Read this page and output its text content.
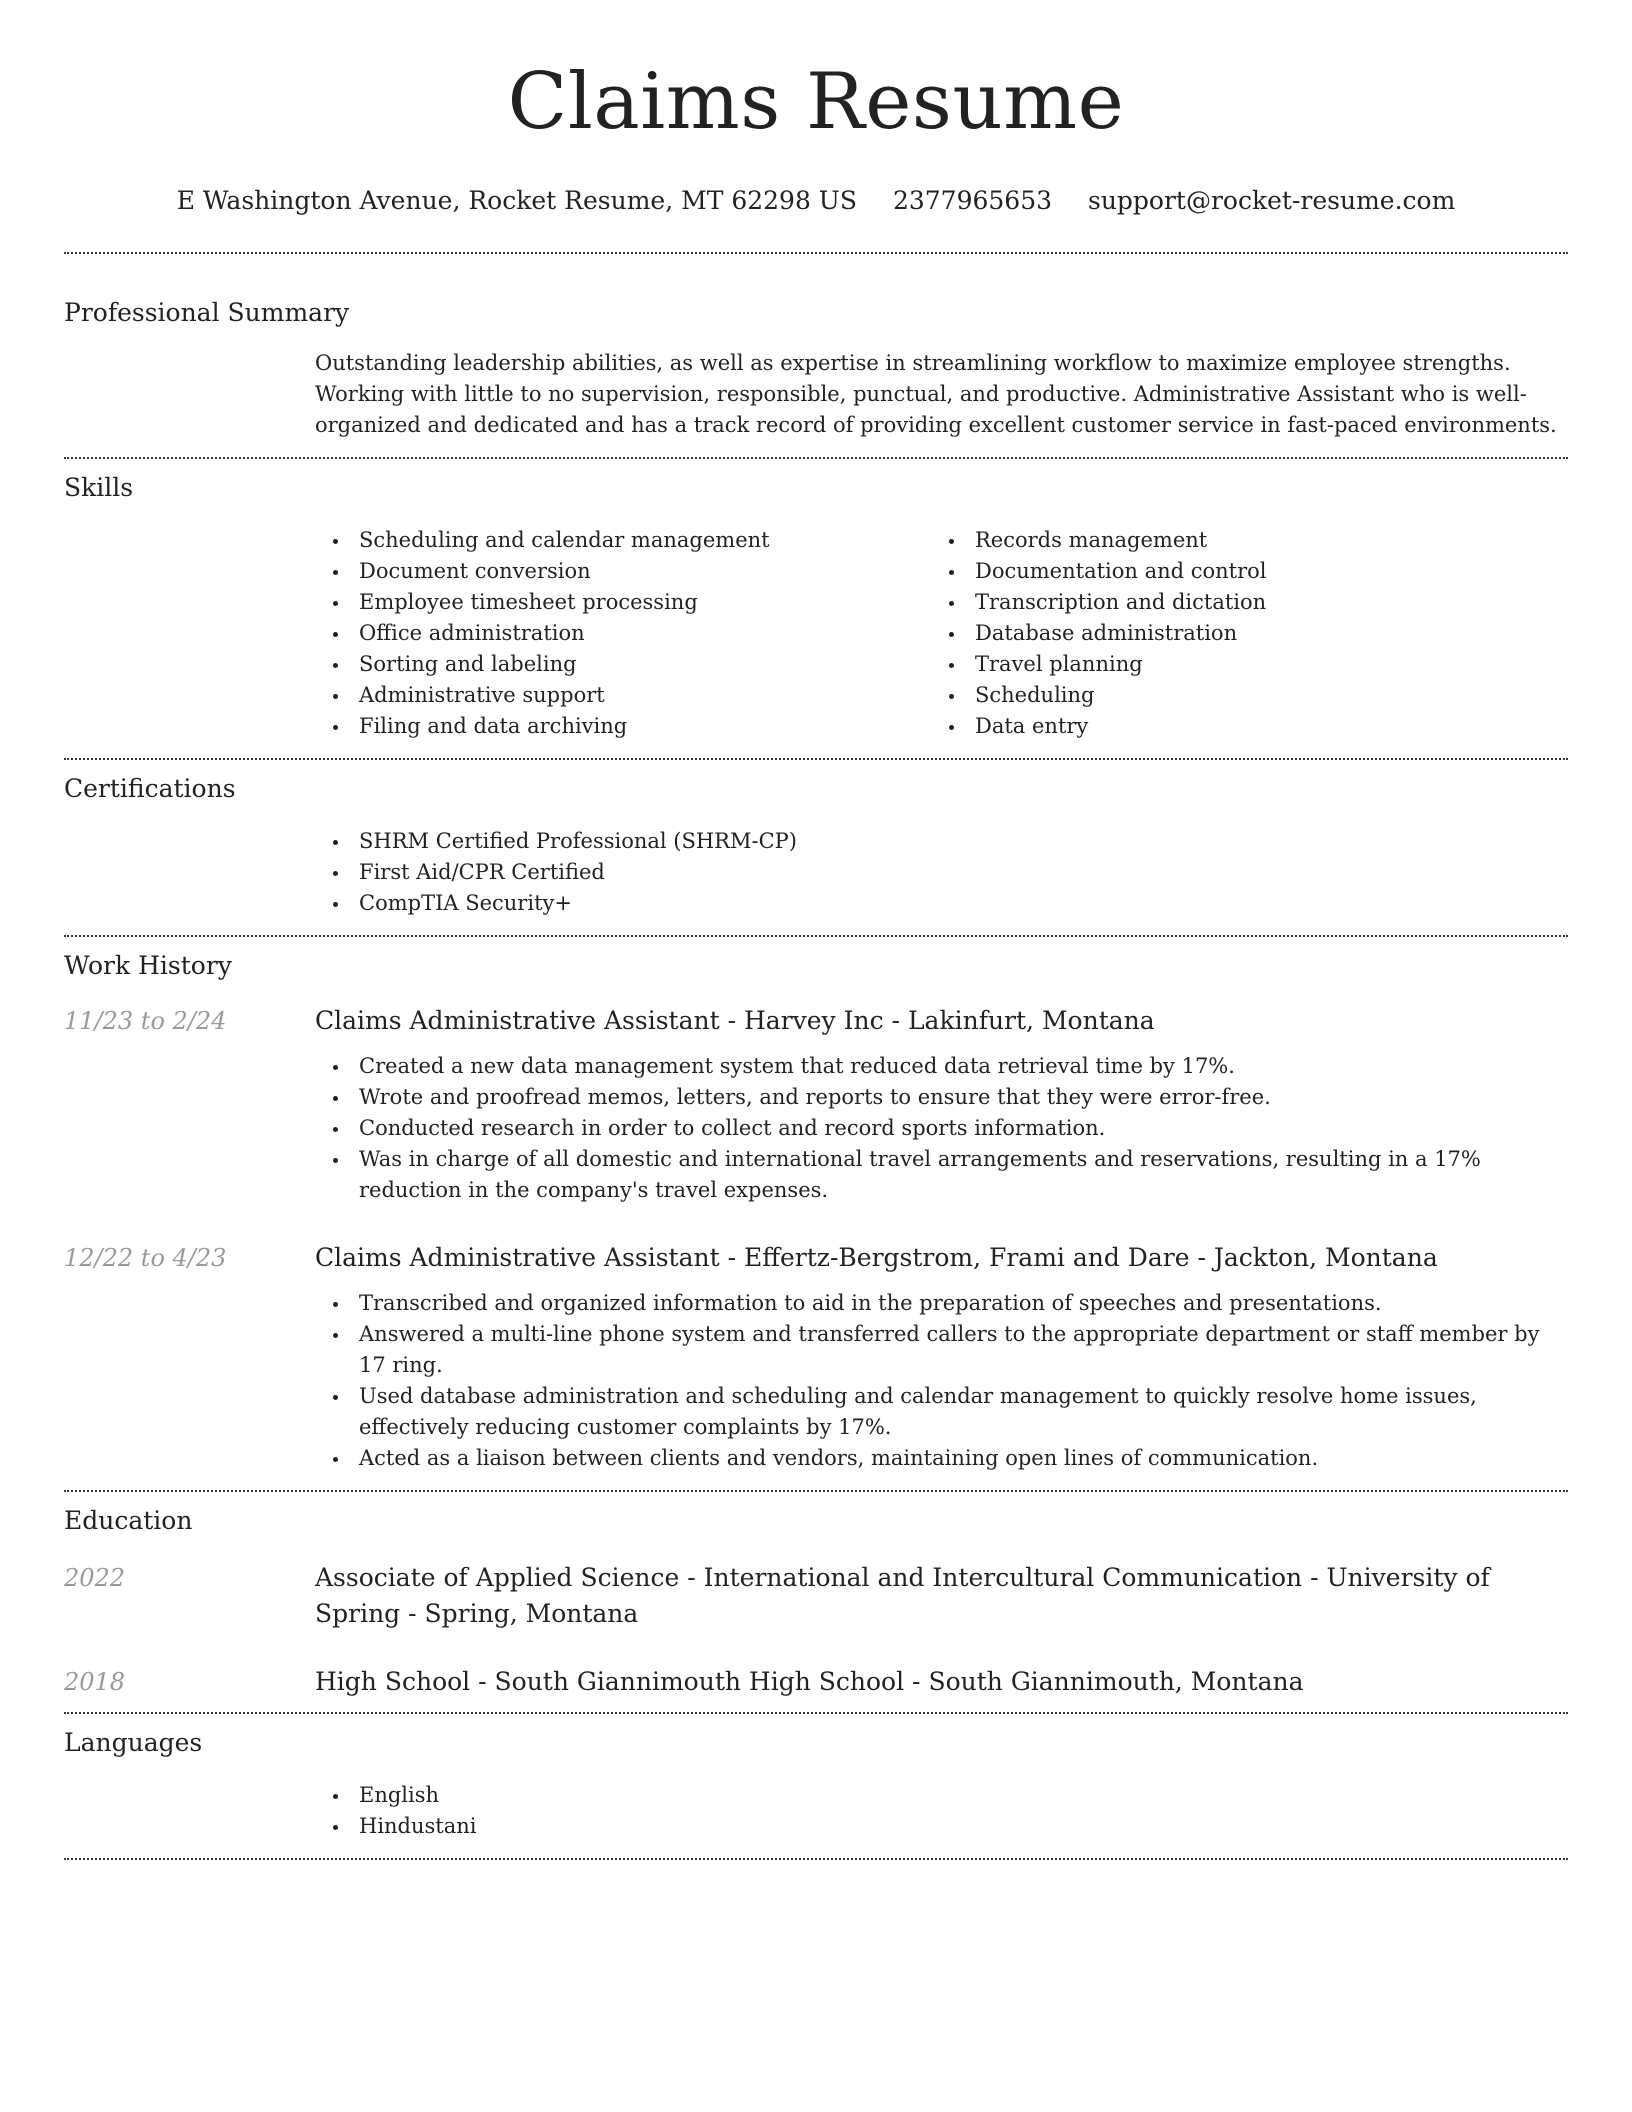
Claims Resume
E Washington Avenue, Rocket Resume, MT 62298 US 2377965653 support@rocket-resume.com
Professional Summary

Outstanding leadership abilities, as well as expertise in streamlining workflow to maximize employee strengths. Working with little to no supervision, responsible, punctual, and productive. Administrative Assistant who is well-organized and dedicated and has a track record of providing excellent customer service in fast-paced environments.

Skills
Scheduling and calendar management
Document conversion
Employee timesheet processing
Office administration
Sorting and labeling
Administrative support
Filing and data archiving
Records management
Documentation and control
Transcription and dictation
Database administration
Travel planning
Scheduling
Data entry
Certifications
SHRM Certified Professional (SHRM-CP)
First Aid/CPR Certified
CompTIA Security+
Work History
11/23 to 2/24	Claims Administrative Assistant - Harvey Inc - Lakinfurt, Montana
Created a new data management system that reduced data retrieval time by 17%.
Wrote and proofread memos, letters, and reports to ensure that they were error-free.
Conducted research in order to collect and record sports information.
Was in charge of all domestic and international travel arrangements and reservations, resulting in a 17% reduction in the company's travel expenses.
12/22 to 4/23	Claims Administrative Assistant - Effertz-Bergstrom, Frami and Dare - Jackton, Montana
Transcribed and organized information to aid in the preparation of speeches and presentations.
Answered a multi-line phone system and transferred callers to the appropriate department or staff member by 17 ring.
Used database administration and scheduling and calendar management to quickly resolve home issues, effectively reducing customer complaints by 17%.
Acted as a liaison between clients and vendors, maintaining open lines of communication.
Education
2022	Associate of Applied Science - International and Intercultural Communication - University of Spring - Spring, Montana
2018	High School - South Giannimouth High School - South Giannimouth, Montana
Languages
English
Hindustani
